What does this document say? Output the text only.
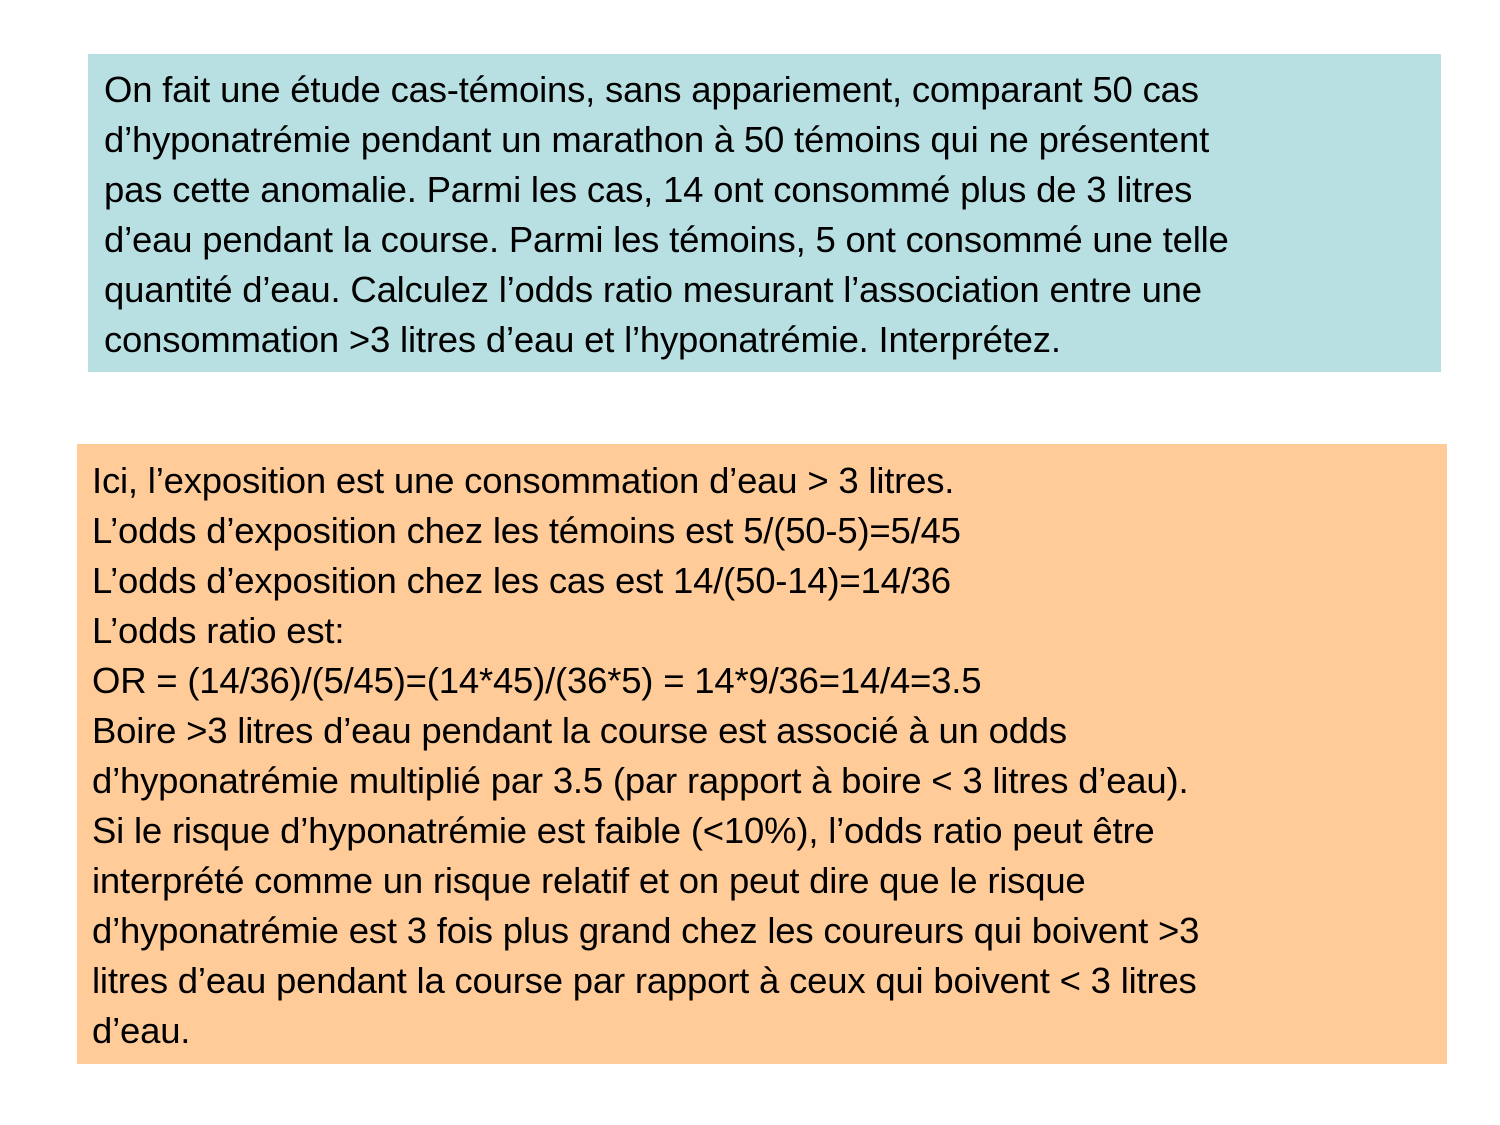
On fait une étude cas-témoins, sans appariement, comparant 50 cas
d’hyponatrémie pendant un marathon à 50 témoins qui ne présentent
pas cette anomalie. Parmi les cas, 14 ont consommé plus de 3 litres
d’eau pendant la course. Parmi les témoins, 5 ont consommé une telle
quantité d’eau. Calculez l’odds ratio mesurant l’association entre une
consommation >3 litres d’eau et l’hyponatrémie. Interprétez.
Ici, l’exposition est une consommation d’eau > 3 litres.
L’odds d’exposition chez les témoins est 5/(50-5)=5/45
L’odds d’exposition chez les cas est 14/(50-14)=14/36
L’odds ratio est:
OR = (14/36)/(5/45)=(14*45)/(36*5) = 14*9/36=14/4=3.5
Boire >3 litres d’eau pendant la course est associé à un odds
d’hyponatrémie multiplié par 3.5 (par rapport à boire < 3 litres d’eau).
Si le risque d’hyponatrémie est faible (<10%), l’odds ratio peut être
interprété comme un risque relatif et on peut dire que le risque
d’hyponatrémie est 3 fois plus grand chez les coureurs qui boivent >3
litres d’eau pendant la course par rapport à ceux qui boivent < 3 litres
d’eau.
